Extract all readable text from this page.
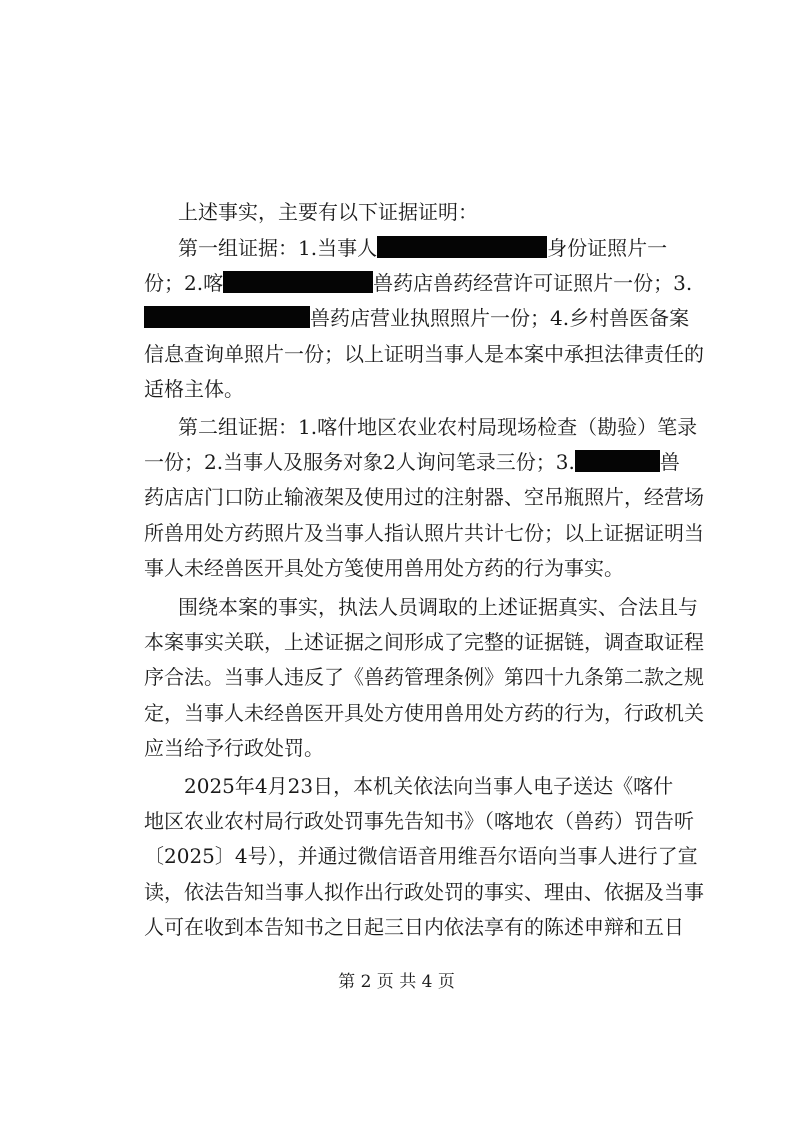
上述事实，主要有以下证据证明：
第一组证据：1.当事人	身份证照片一
份；2.喀	兽药店兽药经营许可证照片一份；3.
兽药店营业执照照片一份；4.乡村兽医备案
信息查询单照片一份；以上证明当事人是本案中承担法律责任的
适格主体。
第二组证据：1.喀什地区农业农村局现场检查（勘验）笔录
一份；2.当事人及服务对象2人询问笔录三份；3.	兽
药店店门口防止输液架及使用过的注射器、空吊瓶照片，经营场
所兽用处方药照片及当事人指认照片共计七份；以上证据证明当
事人未经兽医开具处方笺使用兽用处方药的行为事实。
围绕本案的事实，执法人员调取的上述证据真实、合法且与
本案事实关联，上述证据之间形成了完整的证据链，调查取证程
序合法。当事人违反了《兽药管理条例》第四十九条第二款之规
定，当事人未经兽医开具处方使用兽用处方药的行为，行政机关
应当给予行政处罚。
2025年4月23日，本机关依法向当事人电子送达《喀什
地区农业农村局行政处罚事先告知书》（喀地农（兽药）罚告听
〔2025〕4号），并通过微信语音用维吾尔语向当事人进行了宣
读，依法告知当事人拟作出行政处罚的事实、理由、依据及当事
人可在收到本告知书之日起三日内依法享有的陈述申辩和五日
第 2 页 共 4 页
